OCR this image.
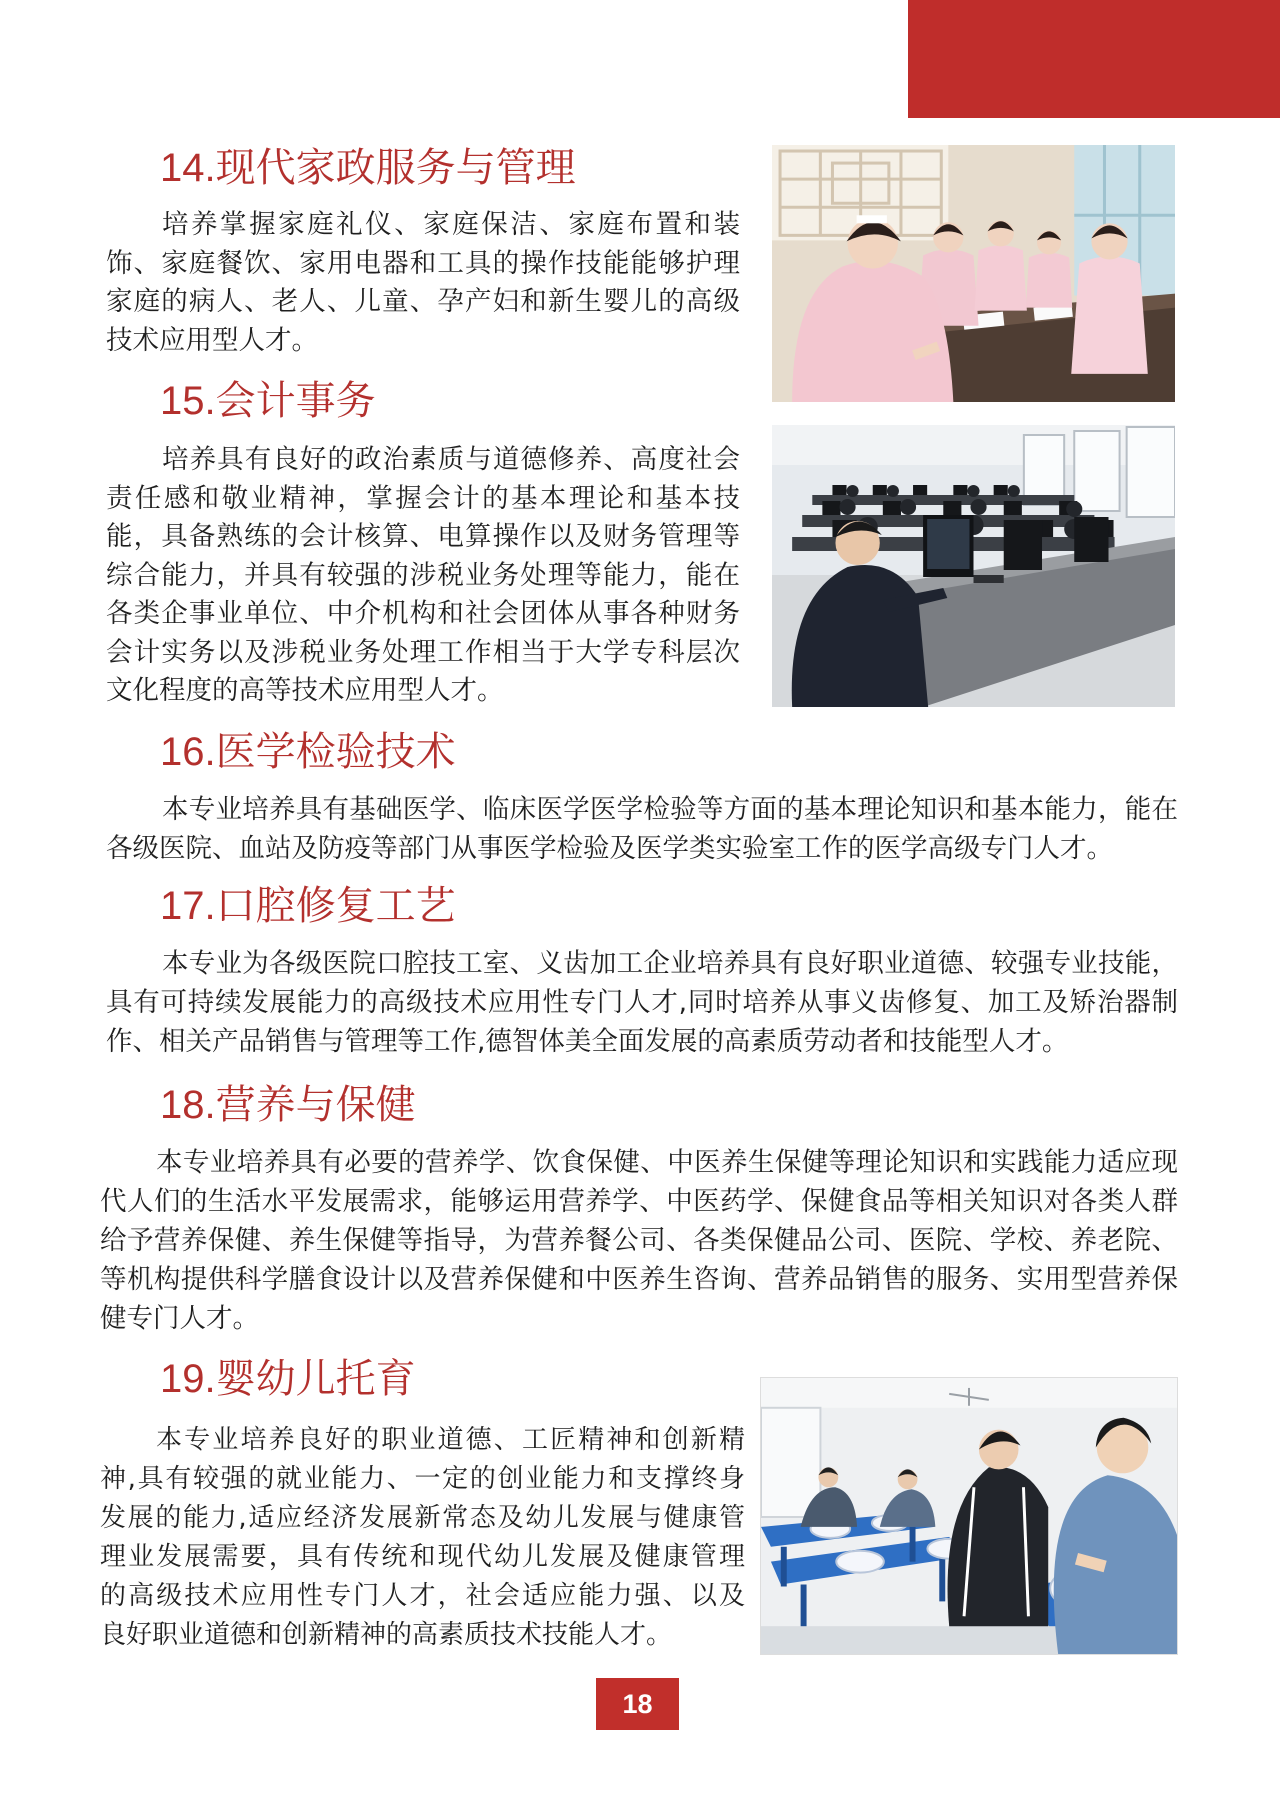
14.现代家政服务与管理
培养掌握家庭礼仪、家庭保洁、家庭布置和装
饰、家庭餐饮、家用电器和工具的操作技能能够护理
家庭的病人、老人、儿童、孕产妇和新生婴儿的高级
技术应用型人才。
15.会计事务
培养具有良好的政治素质与道德修养、高度社会
责任感和敬业精神，掌握会计的基本理论和基本技
能，具备熟练的会计核算、电算操作以及财务管理等
综合能力，并具有较强的涉税业务处理等能力，能在
各类企事业单位、中介机构和社会团体从事各种财务
会计实务以及涉税业务处理工作相当于大学专科层次
文化程度的高等技术应用型人才。
16.医学检验技术
本专业培养具有基础医学、临床医学医学检验等方面的基本理论知识和基本能力，能在
各级医院、血站及防疫等部门从事医学检验及医学类实验室工作的医学高级专门人才。
17.口腔修复工艺
本专业为各级医院口腔技工室、义齿加工企业培养具有良好职业道德、较强专业技能，
具有可持续发展能力的高级技术应用性专门人才,同时培养从事义齿修复、加工及矫治器制
作、相关产品销售与管理等工作,德智体美全面发展的高素质劳动者和技能型人才。
18.营养与保健
本专业培养具有必要的营养学、饮食保健、中医养生保健等理论知识和实践能力适应现
代人们的生活水平发展需求，能够运用营养学、中医药学、保健食品等相关知识对各类人群
给予营养保健、养生保健等指导，为营养餐公司、各类保健品公司、医院、学校、养老院、
等机构提供科学膳食设计以及营养保健和中医养生咨询、营养品销售的服务、实用型营养保
健专门人才。
19.婴幼儿托育
本专业培养良好的职业道德、工匠精神和创新精
神,具有较强的就业能力、一定的创业能力和支撑终身
发展的能力,适应经济发展新常态及幼儿发展与健康管
理业发展需要，具有传统和现代幼儿发展及健康管理
的高级技术应用性专门人才，社会适应能力强、以及
良好职业道德和创新精神的高素质技术技能人才。
18
